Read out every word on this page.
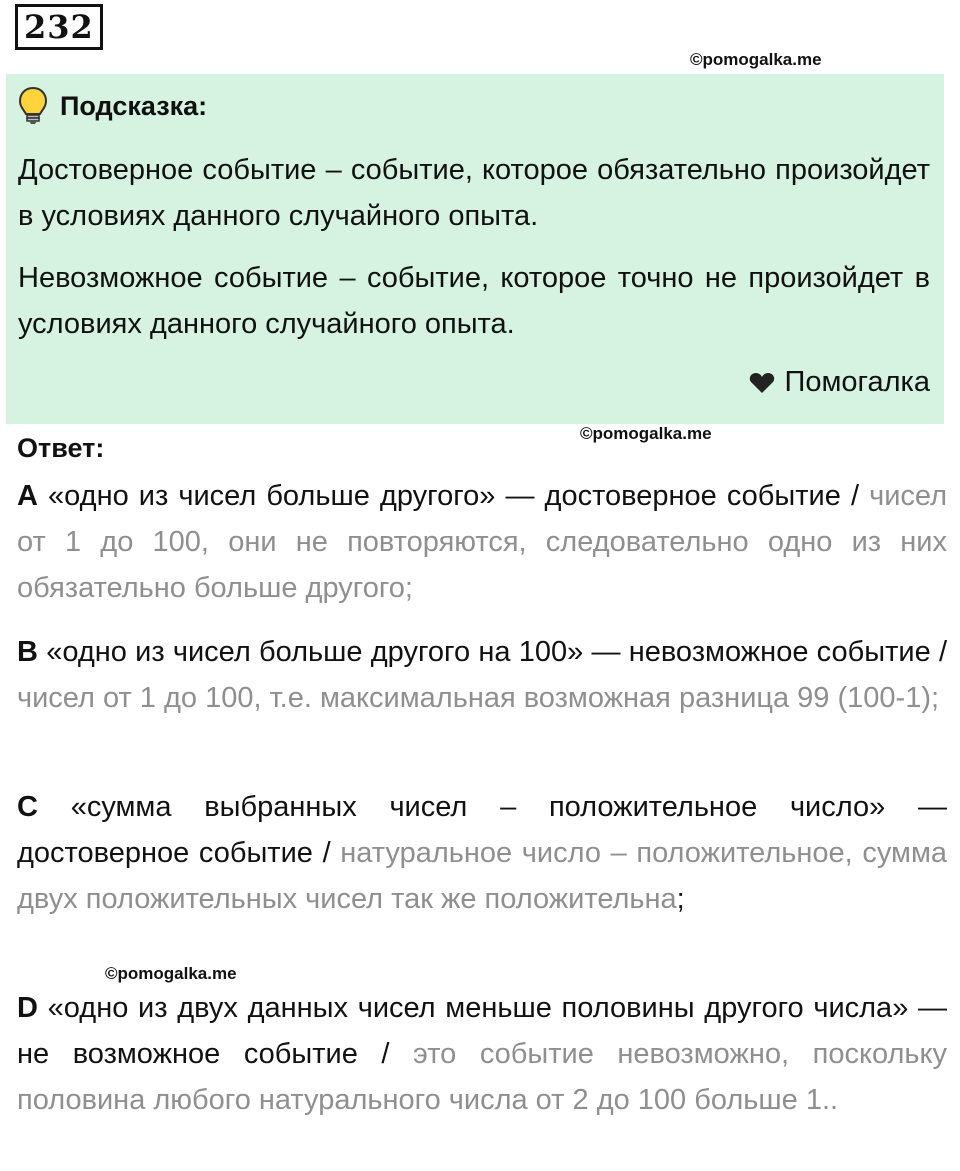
232
©pomogalka.me
Подсказка:

Достоверное событие – событие, которое обязательно произойдет в условиях данного случайного опыта.

Невозможное событие – событие, которое точно не произойдет в условиях данного случайного опыта.

Помогалка
Ответ:	©pomogalka.me

A «одно из чисел больше другого» — достоверное событие / чисел от 1 до 100, они не повторяются, следовательно одно из них обязательно больше другого;

B «одно из чисел больше другого на 100» — невозможное событие / чисел от 1 до 100, т.е. максимальная возможная разница 99 (100-1);

C «сумма выбранных чисел – положительное число» — достоверное событие / натуральное число – положительное, сумма двух положительных чисел так же положительна;

©pomogalka.me

D «одно из двух данных чисел меньше половины другого числа» — не возможное событие / это событие невозможно, поскольку половина любого натурального числа от 2 до 100 больше 1..
